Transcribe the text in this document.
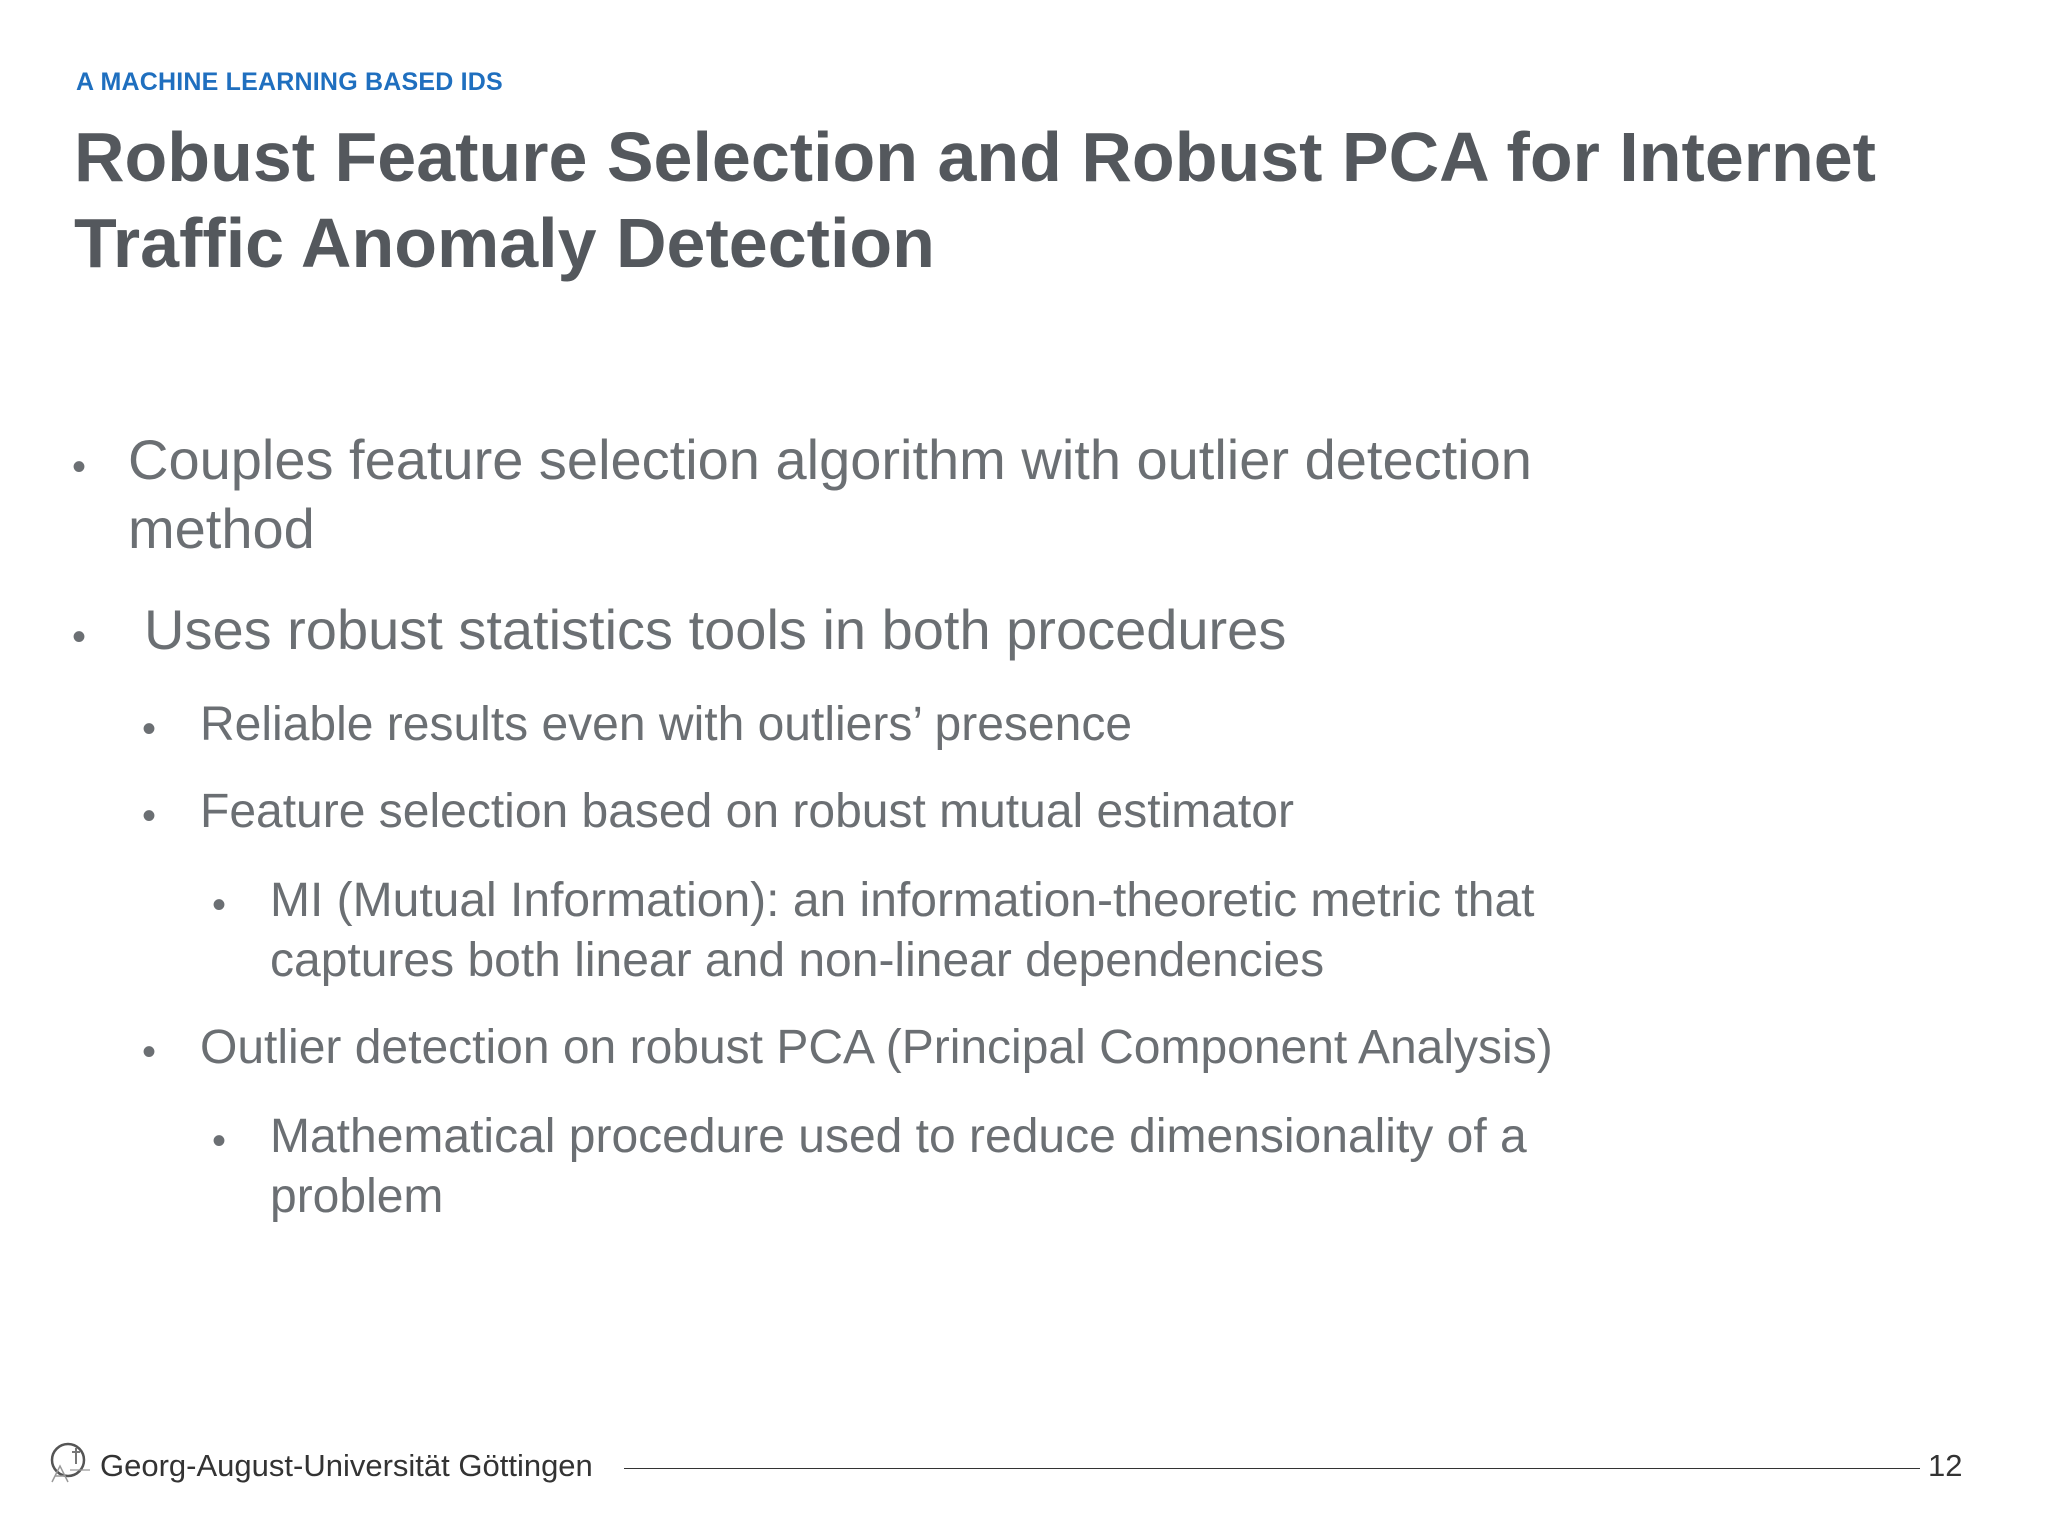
A MACHINE LEARNING BASED IDS
Robust Feature Selection and Robust PCA for Internet Traffic Anomaly Detection
• Couples feature selection algorithm with outlier detection method
• Uses robust statistics tools in both procedures
• Reliable results even with outliers’ presence
• Feature selection based on robust mutual estimator
• MI (Mutual Information): an information-theoretic metric that captures both linear and non-linear dependencies
• Outlier detection on robust PCA (Principal Component Analysis)
• Mathematical procedure used to reduce dimensionality of a problem
Georg-August-Universität Göttingen	12
